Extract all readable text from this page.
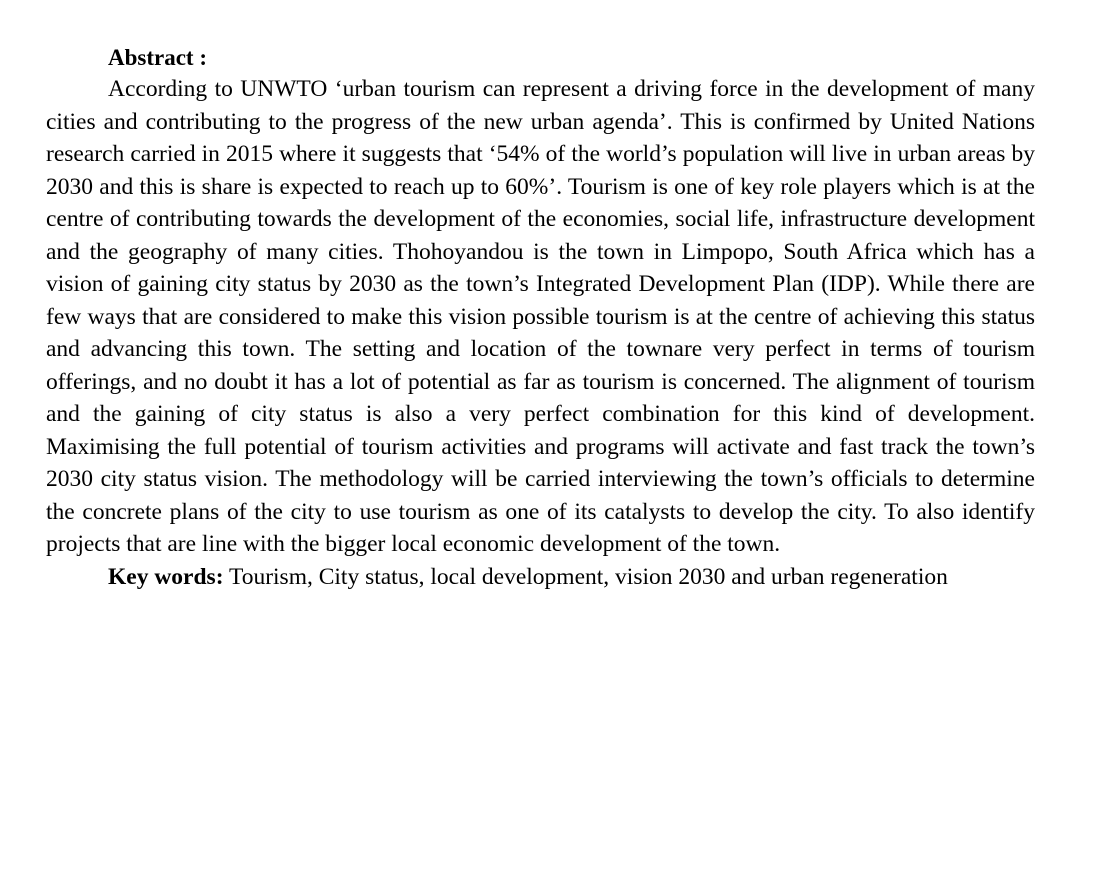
Abstract :

According to UNWTO ‘urban tourism can represent a driving force in the development of many cities and contributing to the progress of the new urban agenda’. This is confirmed by United Nations research carried in 2015 where it suggests that ‘54% of the world’s population will live in urban areas by 2030 and this is share is expected to reach up to 60%’. Tourism is one of key role players which is at the centre of contributing towards the development of the economies, social life, infrastructure development and the geography of many cities. Thohoyandou is the town in Limpopo, South Africa which has a vision of gaining city status by 2030 as the town’s Integrated Development Plan (IDP). While there are few ways that are considered to make this vision possible tourism is at the centre of achieving this status and advancing this town. The setting and location of the townare very perfect in terms of tourism offerings, and no doubt it has a lot of potential as far as tourism is concerned. The alignment of tourism and the gaining of city status is also a very perfect combination for this kind of development. Maximising the full potential of tourism activities and programs will activate and fast track the town’s 2030 city status vision. The methodology will be carried interviewing the town’s officials to determine the concrete plans of the city to use tourism as one of its catalysts to develop the city. To also identify projects that are line with the bigger local economic development of the town.

Key words: Tourism, City status, local development, vision 2030 and urban regeneration
